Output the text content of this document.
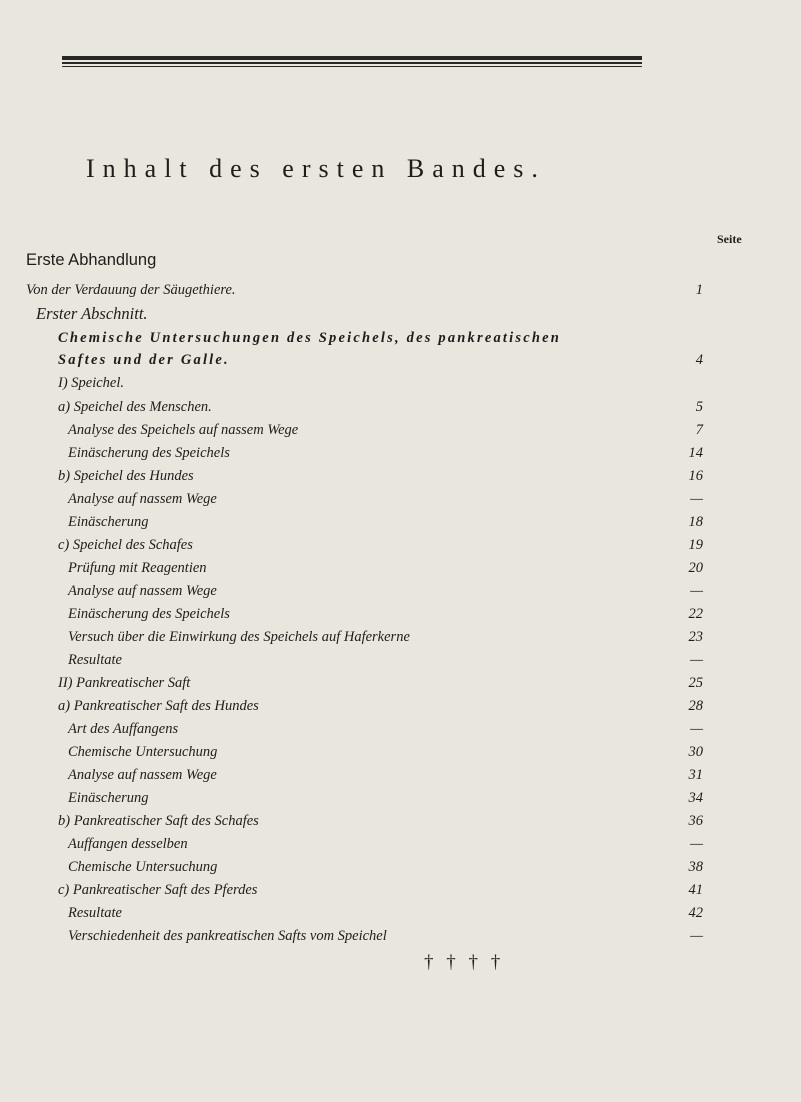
Inhalt des ersten Bandes.
Seite
Erste Abhandlung
Von der Verdauung der Säugethiere.	1
Erster Abschnitt.
Chemische Untersuchungen des Speichels, des pankreatischen
Saftes und der Galle.	4
I) Speichel.
a) Speichel des Menschen.	5
Analyse des Speichels auf nassem Wege	7
Einäscherung des Speichels	14
b) Speichel des Hundes	16
Analyse auf nassem Wege	—
Einäscherung	18
c) Speichel des Schafes	19
Prüfung mit Reagentien	20
Analyse auf nassem Wege	—
Einäscherung des Speichels	22
Versuch über die Einwirkung des Speichels auf Haferkerne	23
Resultate	—
II) Pankreatischer Saft	25
a) Pankreatischer Saft des Hundes	28
Art des Auffangens	—
Chemische Untersuchung	30
Analyse auf nassem Wege	31
Einäscherung	34
b) Pankreatischer Saft des Schafes	36
Auffangen desselben	—
Chemische Untersuchung	38
c) Pankreatischer Saft des Pferdes	41
Resultate	42
Verschiedenheit des pankreatischen Safts vom Speichel	—
† † † †
